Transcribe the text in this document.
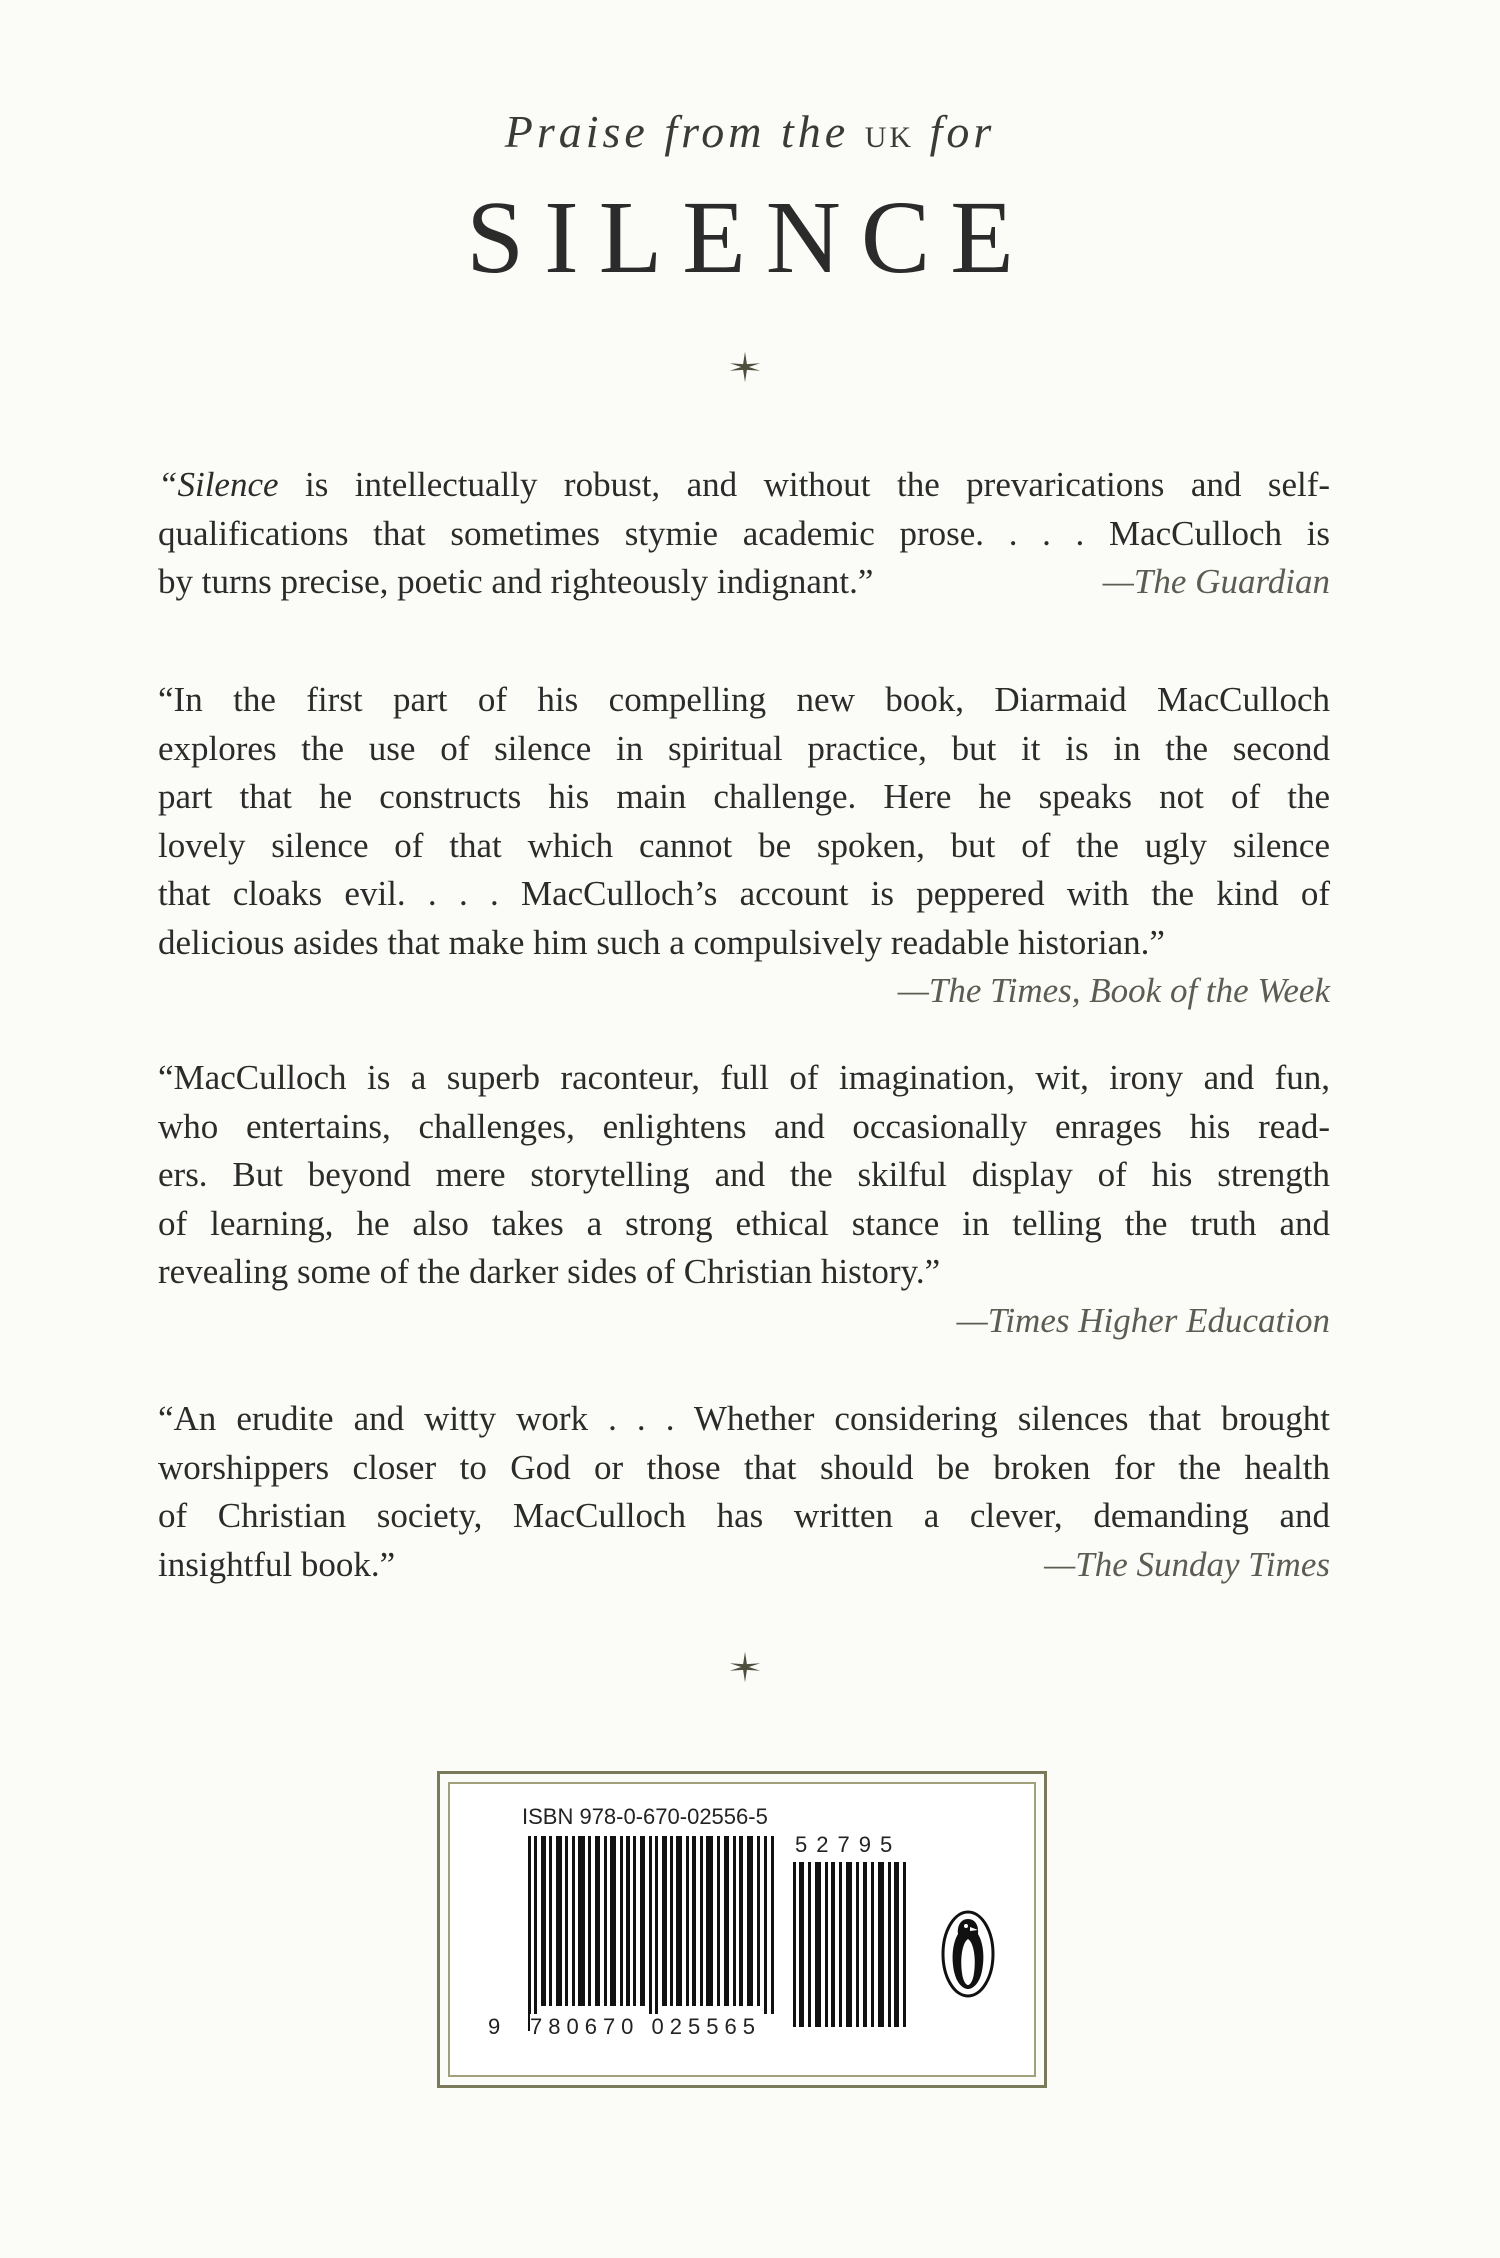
Praise from the UK for
SILENCE
“Silence is intellectually robust, and without the prevarications and self-
qualifications that sometimes stymie academic prose. . . . MacCulloch is
by turns precise, poetic and righteously indignant.”	—The Guardian
“In the first part of his compelling new book, Diarmaid MacCulloch
explores the use of silence in spiritual practice, but it is in the second
part that he constructs his main challenge. Here he speaks not of the
lovely silence of that which cannot be spoken, but of the ugly silence
that cloaks evil. . . . MacCulloch’s account is peppered with the kind of
delicious asides that make him such a compulsively readable historian.”
—The Times, Book of the Week
“MacCulloch is a superb raconteur, full of imagination, wit, irony and fun,
who entertains, challenges, enlightens and occasionally enrages his read-
ers. But beyond mere storytelling and the skilful display of his strength
of learning, he also takes a strong ethical stance in telling the truth and
revealing some of the darker sides of Christian history.”
—Times Higher Education
“An erudite and witty work . . . Whether considering silences that brought
worshippers closer to God or those that should be broken for the health
of Christian society, MacCulloch has written a clever, demanding and
insightful book.”	—The Sunday Times
ISBN 978-0-670-02556-5
9 780670 025565
52795
